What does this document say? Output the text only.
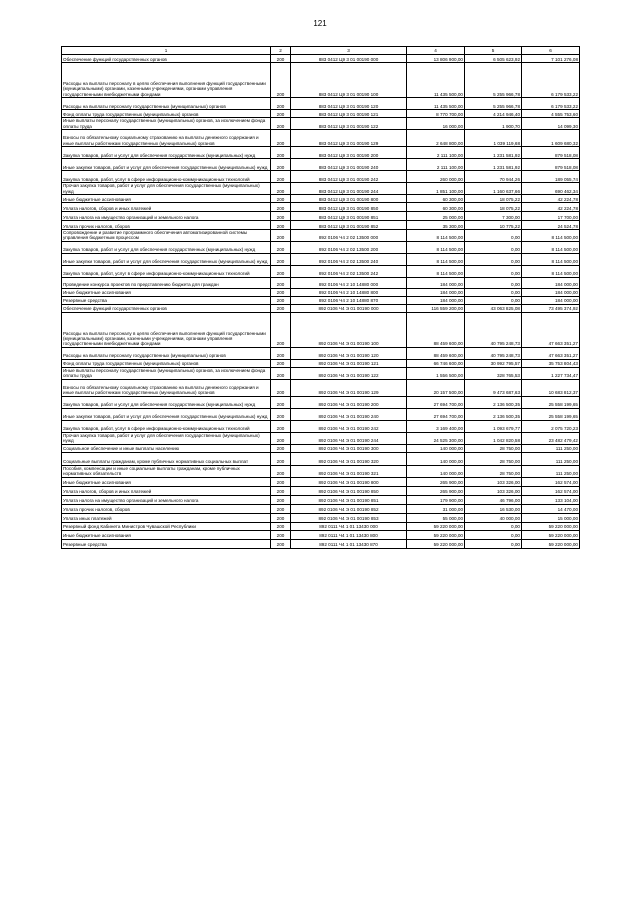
121
1	2	3	4	5	6
Обеспечение функций государственных органов	200	883 0412 Ц9 3 01 00190 000	13 806 900,00	6 505 623,92	7 101 276,08
Расходы на выплаты персоналу в целях обеспечения выполнения функций государственными (муниципальными) органами, казенными учреждениями, органами управления государственными внебюджетными фондами	200	883 0412 Ц9 3 01 00190 100	11 435 500,00	5 255 966,78	6 179 533,22
Расходы на выплаты персоналу государственных (муниципальных) органов	200	883 0412 Ц9 3 01 00190 120	11 435 500,00	5 255 966,78	6 179 533,22
Фонд оплаты труда государственных (муниципальных) органов	200	883 0412 Ц9 3 01 00190 121	8 770 700,00	4 214 946,40	4 555 753,60
Иные выплаты персоналу государственных (муниципальных) органов, за исключением фонда оплаты труда	200	883 0412 Ц9 3 01 00190 122	16 000,00	1 900,70	14 099,30
Взносы по обязательному социальному страхованию на выплаты денежного содержания и иные выплаты работникам государственных (муниципальных) органов	200	883 0412 Ц9 3 01 00190 129	2 648 800,00	1 039 119,68	1 609 680,32
Закупка товаров, работ и услуг для обеспечения государственных (муниципальных) нужд	200	883 0412 Ц9 3 01 00190 200	2 111 100,00	1 231 581,92	879 518,08
Иные закупки товаров, работ и услуг для обеспечения государственных (муниципальных) нужд	200	883 0412 Ц9 3 01 00190 240	2 111 100,00	1 231 581,92	879 518,08
Закупка товаров, работ, услуг в сфере информационно-коммуникационных технологий	200	883 0412 Ц9 3 01 00190 242	260 000,00	70 944,26	189 055,74
Прочая закупка товаров, работ и услуг для обеспечения государственных (муниципальных) нужд	200	883 0412 Ц9 3 01 00190 244	1 851 100,00	1 160 637,66	690 462,34
Иные бюджетные ассигнования	200	883 0412 Ц9 3 01 00190 800	60 300,00	18 075,22	42 224,78
Уплата налогов, сборов и иных платежей	200	883 0412 Ц9 3 01 00190 850	60 300,00	18 075,22	42 224,78
Уплата налога на имущество организаций и земельного налога	200	883 0412 Ц9 3 01 00190 851	25 000,00	7 300,00	17 700,00
Уплата прочих налогов, сборов	200	883 0412 Ц9 3 01 00190 852	35 300,00	10 775,22	24 524,78
Сопровождение и развитие программного обеспечения автоматизированной системы управления бюджетным процессом	200	892 0106 Ч4 2 02 13500 000	8 114 500,00	0,00	8 114 500,00
Закупка товаров, работ и услуг для обеспечения государственных (муниципальных) нужд	200	892 0106 Ч4 2 02 13500 200	8 114 500,00	0,00	8 114 500,00
Иные закупки товаров, работ и услуг для обеспечения государственных (муниципальных) нужд	200	892 0106 Ч4 2 02 13500 240	8 114 500,00	0,00	8 114 500,00
Закупка товаров, работ, услуг в сфере информационно-коммуникационных технологий	200	892 0106 Ч4 2 02 13500 242	8 114 500,00	0,00	8 114 500,00
Проведение конкурса проектов по представлению бюджета для граждан	200	892 0106 Ч4 2 10 14880 000	184 000,00	0,00	184 000,00
Иные бюджетные ассигнования	200	892 0106 Ч4 2 10 14880 800	184 000,00	0,00	184 000,00
Резервные средства	200	892 0106 Ч4 2 10 14880 870	184 000,00	0,00	184 000,00
Обеспечение функций государственных органов	200	892 0106 Ч4 Э 01 00190 000	116 559 200,00	43 063 825,08	73 495 374,92
Расходы на выплаты персоналу в целях обеспечения выполнения функций государственными (муниципальными) органами, казенными учреждениями, органами управления государственными внебюджетными фондами	200	892 0106 Ч4 Э 01 00190 100	88 459 600,00	40 795 248,73	47 663 351,27
Расходы на выплаты персоналу государственных (муниципальных) органов	200	892 0106 Ч4 Э 01 00190 120	88 459 600,00	40 795 248,73	47 663 351,27
Фонд оплаты труда государственных (муниципальных) органов	200	892 0106 Ч4 Э 01 00190 121	66 746 600,00	30 992 795,57	35 753 804,43
Иные выплаты персоналу государственных (муниципальных) органов, за исключением фонда оплаты труда	200	892 0106 Ч4 Э 01 00190 122	1 556 500,00	328 765,53	1 227 734,47
Взносы по обязательному социальному страхованию на выплаты денежного содержания и иные выплаты работникам государственных (муниципальных) органов	200	892 0106 Ч4 Э 01 00190 129	20 157 500,00	9 473 687,63	10 683 812,37
Закупка товаров, работ и услуг для обеспечения государственных (муниципальных) нужд	200	892 0106 Ч4 Э 01 00190 200	27 694 700,00	2 136 500,35	25 558 199,65
Иные закупки товаров, работ и услуг для обеспечения государственных (муниципальных) нужд	200	892 0106 Ч4 Э 01 00190 240	27 694 700,00	2 136 500,35	25 558 199,65
Закупка товаров, работ, услуг в сфере информационно-коммуникационных технологий	200	892 0106 Ч4 Э 01 00190 242	3 169 400,00	1 093 679,77	2 075 720,23
Прочая закупка товаров, работ и услуг для обеспечения государственных (муниципальных) нужд	200	892 0106 Ч4 Э 01 00190 244	24 525 300,00	1 042 820,58	23 482 479,42
Социальное обеспечение и иные выплаты населению	200	892 0106 Ч4 Э 01 00190 300	140 000,00	28 750,00	111 250,00
Социальные выплаты гражданам, кроме публичных нормативных социальных выплат	200	892 0106 Ч4 Э 01 00190 320	140 000,00	28 750,00	111 250,00
Пособия, компенсации и иные социальные выплаты гражданам, кроме публичных нормативных обязательств	200	892 0106 Ч4 Э 01 00190 321	140 000,00	28 750,00	111 250,00
Иные бюджетные ассигнования	200	892 0106 Ч4 Э 01 00190 800	265 900,00	103 326,00	162 574,00
Уплата налогов, сборов и иных платежей	200	892 0106 Ч4 Э 01 00190 850	265 900,00	103 326,00	162 574,00
Уплата налога на имущество организаций и земельного налога	200	892 0106 Ч4 Э 01 00190 851	179 900,00	46 796,00	133 104,00
Уплата прочих налогов, сборов	200	892 0106 Ч4 Э 01 00190 852	31 000,00	16 530,00	14 470,00
Уплата иных платежей	200	892 0106 Ч4 Э 01 00190 853	55 000,00	40 000,00	15 000,00
Резервный фонд Кабинета Министров Чувашской Республики	200	892 0111 Ч4 1 01 13430 000	59 220 000,00	0,00	59 220 000,00
Иные бюджетные ассигнования	200	892 0111 Ч4 1 01 13430 800	59 220 000,00	0,00	59 220 000,00
Резервные средства	200	892 0111 Ч4 1 01 13430 870	59 220 000,00	0,00	59 220 000,00
